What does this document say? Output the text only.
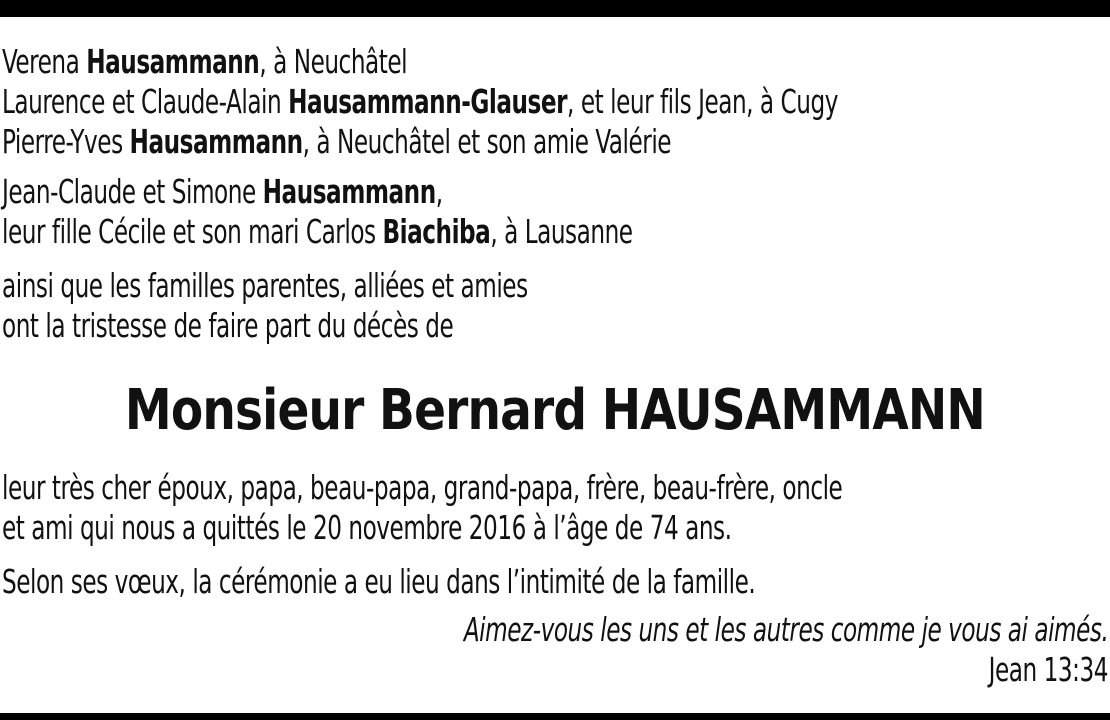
Verena Hausammann, à Neuchâtel
Laurence et Claude-Alain Hausammann-Glauser, et leur fils Jean, à Cugy
Pierre-Yves Hausammann, à Neuchâtel et son amie Valérie
Jean-Claude et Simone Hausammann,
leur fille Cécile et son mari Carlos Biachiba, à Lausanne
ainsi que les familles parentes, alliées et amies
ont la tristesse de faire part du décès de
Monsieur Bernard HAUSAMMANN
leur très cher époux, papa, beau-papa, grand-papa, frère, beau-frère, oncle
et ami qui nous a quittés le 20 novembre 2016 à l’âge de 74 ans.
Selon ses vœux, la cérémonie a eu lieu dans l’intimité de la famille.
Aimez-vous les uns et les autres comme je vous ai aimés.
Jean 13:34
